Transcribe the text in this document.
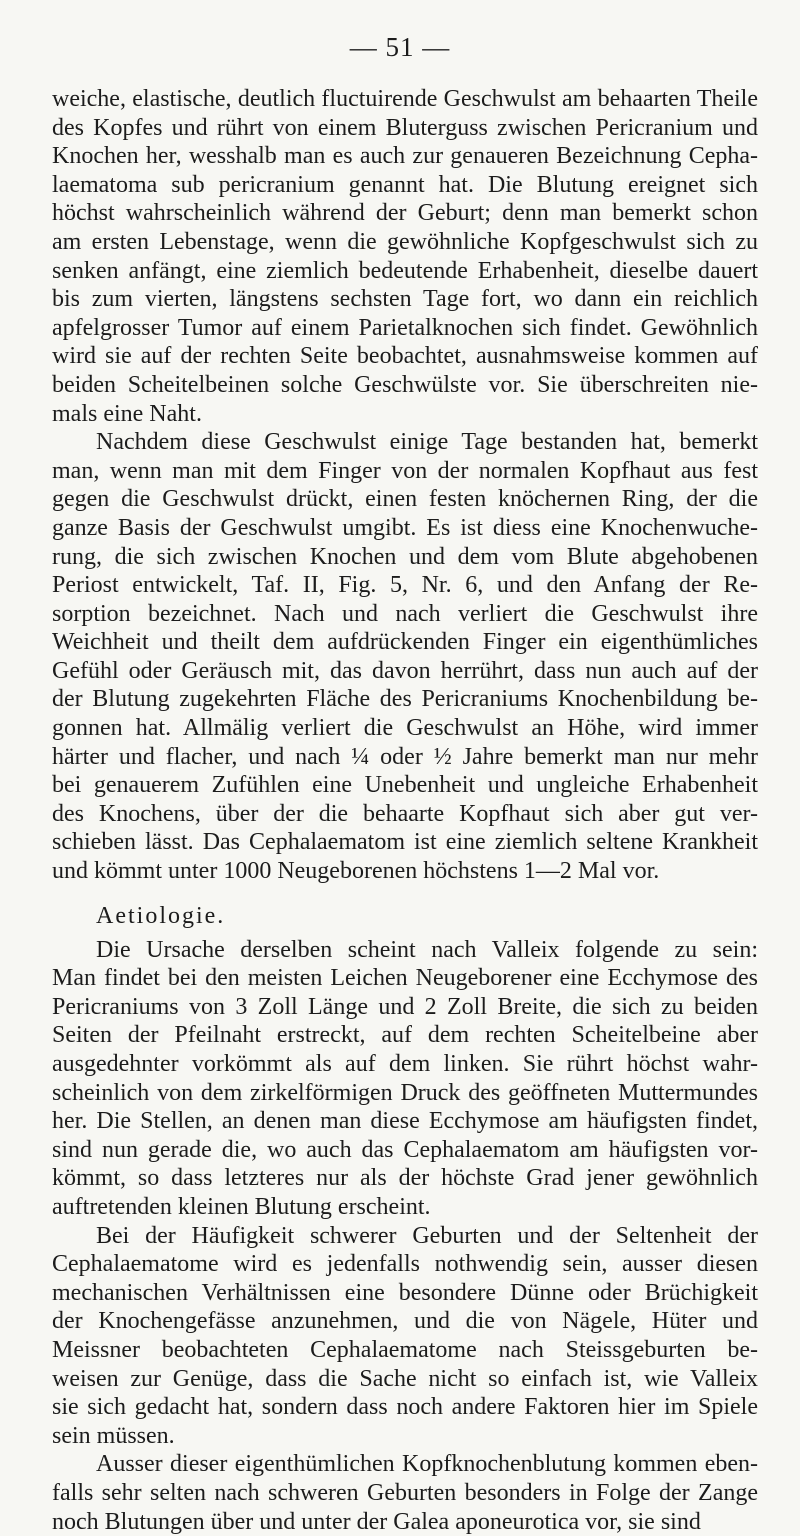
— 51 —
weiche, elastische, deutlich fluctuirende Geschwulst am behaarten Theile
des Kopfes und rührt von einem Bluterguss zwischen Pericranium und
Knochen her, wesshalb man es auch zur genaueren Bezeichnung Cepha-
laematoma sub pericranium genannt hat. Die Blutung ereignet sich
höchst wahrscheinlich während der Geburt; denn man bemerkt schon
am ersten Lebenstage, wenn die gewöhnliche Kopfgeschwulst sich zu
senken anfängt, eine ziemlich bedeutende Erhabenheit, dieselbe dauert
bis zum vierten, längstens sechsten Tage fort, wo dann ein reichlich
apfelgrosser Tumor auf einem Parietalknochen sich findet. Gewöhnlich
wird sie auf der rechten Seite beobachtet, ausnahmsweise kommen auf
beiden Scheitelbeinen solche Geschwülste vor. Sie überschreiten nie-
mals eine Naht.
Nachdem diese Geschwulst einige Tage bestanden hat, bemerkt
man, wenn man mit dem Finger von der normalen Kopfhaut aus fest
gegen die Geschwulst drückt, einen festen knöchernen Ring, der die
ganze Basis der Geschwulst umgibt. Es ist diess eine Knochenwuche-
rung, die sich zwischen Knochen und dem vom Blute abgehobenen
Periost entwickelt, Taf. II, Fig. 5, Nr. 6, und den Anfang der Re-
sorption bezeichnet. Nach und nach verliert die Geschwulst ihre
Weichheit und theilt dem aufdrückenden Finger ein eigenthümliches
Gefühl oder Geräusch mit, das davon herrührt, dass nun auch auf der
der Blutung zugekehrten Fläche des Pericraniums Knochenbildung be-
gonnen hat. Allmälig verliert die Geschwulst an Höhe, wird immer
härter und flacher, und nach ¼ oder ½ Jahre bemerkt man nur mehr
bei genauerem Zufühlen eine Unebenheit und ungleiche Erhabenheit
des Knochens, über der die behaarte Kopfhaut sich aber gut ver-
schieben lässt. Das Cephalaematom ist eine ziemlich seltene Krankheit
und kömmt unter 1000 Neugeborenen höchstens 1—2 Mal vor.
Aetiologie.
Die Ursache derselben scheint nach Valleix folgende zu sein:
Man findet bei den meisten Leichen Neugeborener eine Ecchymose des
Pericraniums von 3 Zoll Länge und 2 Zoll Breite, die sich zu beiden
Seiten der Pfeilnaht erstreckt, auf dem rechten Scheitelbeine aber
ausgedehnter vorkömmt als auf dem linken. Sie rührt höchst wahr-
scheinlich von dem zirkelförmigen Druck des geöffneten Muttermundes
her. Die Stellen, an denen man diese Ecchymose am häufigsten findet,
sind nun gerade die, wo auch das Cephalaematom am häufigsten vor-
kömmt, so dass letzteres nur als der höchste Grad jener gewöhnlich
auftretenden kleinen Blutung erscheint.
Bei der Häufigkeit schwerer Geburten und der Seltenheit der
Cephalaematome wird es jedenfalls nothwendig sein, ausser diesen
mechanischen Verhältnissen eine besondere Dünne oder Brüchigkeit
der Knochengefässe anzunehmen, und die von Nägele, Hüter und
Meissner beobachteten Cephalaematome nach Steissgeburten be-
weisen zur Genüge, dass die Sache nicht so einfach ist, wie Valleix
sie sich gedacht hat, sondern dass noch andere Faktoren hier im Spiele
sein müssen.
Ausser dieser eigenthümlichen Kopfknochenblutung kommen eben-
falls sehr selten nach schweren Geburten besonders in Folge der Zange
noch Blutungen über und unter der Galea aponeurotica vor, sie sind
